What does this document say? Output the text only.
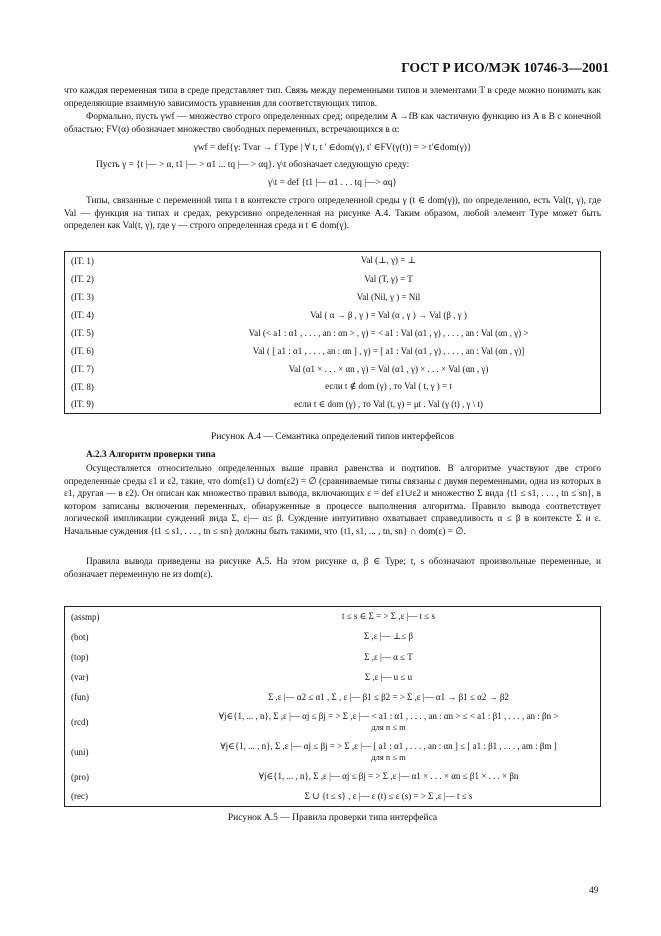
ГОСТ Р ИСО/МЭК 10746-3—2001
что каждая переменная типа в среде представляет тип. Связь между переменными типов и элементами Т в среде можно понимать как определяющие взаимную зависимость уравнения для соответствующих типов.
Формально, пусть γwf — множество строго определенных сред; определим A →fB как частичную функцию из A в B с конечной областью; FV(α) обозначает множество свободных переменных, встречающихся в α:
γwf = def{γ: Tvar → f Type | ∀ t, t ' ∈dom(γ), t' ∈FV(γ(t)) = > t'∈dom(γ)}
Пусть γ = {t |— > α, t1 |— > α1 ... tq |— > αq}. γ\t обозначает следующую среду:
γ\t = def {t1 |— α1 . . . tq |—> αq}
Типы, связанные с переменной типа t в контексте строго определенной среды γ (t ∈ dom(γ)), по определению, есть Val(t, γ), где Val — функция на типах и средах, рекурсивно определенная на рисунке А.4. Таким образом, любой элемент Type может быть определен как Val(t, γ), где γ — строго определенная среда и t ∈ dom(γ).
(IT. 1)	Val (⊥, γ) = ⊥
(IT. 2)	Val (T, γ) = T
(IT. 3)	Val (Nil, γ ) = Nil
(IT. 4)	Val ( α → β , γ ) = Val (α , γ ) → Val (β , γ )
(IT. 5)	Val (< a1 : α1 , . . . , an : αn > , γ) = < a1 : Val (α1 , γ) , . . . , an : Val (αn , γ) >
(IT. 6)	Val ( [ a1 : α1 , . . . , an : αn ] , γ) = [ a1 : Val (α1 , γ) , . . . , an : Val (αn , γ)]
(IT. 7)	Val (α1 × . . . × αn , γ) = Val (α1 , γ) × . . . × Val (αn , γ)
(IT. 8)	если t ∉ dom (γ) , то Val ( t, γ ) = t
(IT. 9)	если t ∈ dom (γ) , то Val (t, γ) = μt . Val (γ (t) , γ \ t)
Рисунок А.4 — Семантика определений типов интерфейсов
А.2.3 Алгоритм проверки типа
Осуществляется относительно определенных выше правил равенства и подтипов. В алгоритме участвуют две строго определенные среды ε1 и ε2, такие, что dom(ε1) ∪ dom(ε2) = ∅ (сравниваемые типы связаны с двумя переменными, одна из которых в ε1, другая — в ε2). Он описан как множество правил вывода, включающих ε = def ε1∪ε2 и множество Σ вида {t1 ≤ s1, . . . , tn ≤ sn}, в котором записаны включения переменных, обнаруженные в процессе выполнения алгоритма. Правило вывода соответствует логической импликации суждений вида Σ, ε|— α≤ β. Суждение интуитивно охватывает справедливость α ≤ β в контексте Σ и ε. Начальные суждения {t1 ≤ s1, . . . , tn ≤ sn} должны быть такими, что {t1, s1, ... , tn, sn} ∩ dom(ε) = ∅.
Правила вывода приведены на рисунке А.5. На этом рисунке α, β ∈ Type; t, s обозначают произвольные переменные, и обозначает переменную не из dom(ε).
(assmp)	t ≤ s ∈ Σ = > Σ ,ε |— t ≤ s

(bot)	Σ ,ε |— ⊥≤ β

(top)	Σ ,ε |— α ≤ T

(var)	Σ ,ε |— u ≤ u

(fun)	Σ ,ε |— α2 ≤ α1 , Σ , ε |— β1 ≤ β2 = > Σ ,ε |— α1 → β1 ≤ α2 → β2

(rcd)	∀j∈{1, ... , n}, Σ ,ε |— αj ≤ βj = > Σ ,ε |— < a1 : α1 , . . . , an : αn > ≤ < a1 : β1 , . . . , an : βn >
для n ≤ m

(uni)	∀j∈{1, ... , n}, Σ ,ε |— αj ≤ βj = > Σ ,ε |— [ a1 : α1 , . . . , an : αn ] ≤ [ a1 : β1 , . . . , am : βm ]
для n ≤ m

(pro)	∀j∈{1, ... , n}, Σ ,ε |— αj ≤ βj = > Σ ,ε |— α1 × . . . × αn ≤ β1 × . . . × βn

(rec)	Σ ∪ {t ≤ s} , ε |— ε (t) ≤ ε (s) = > Σ ,ε |— t ≤ s
Рисунок А.5 — Правила проверки типа интерфейса
49
